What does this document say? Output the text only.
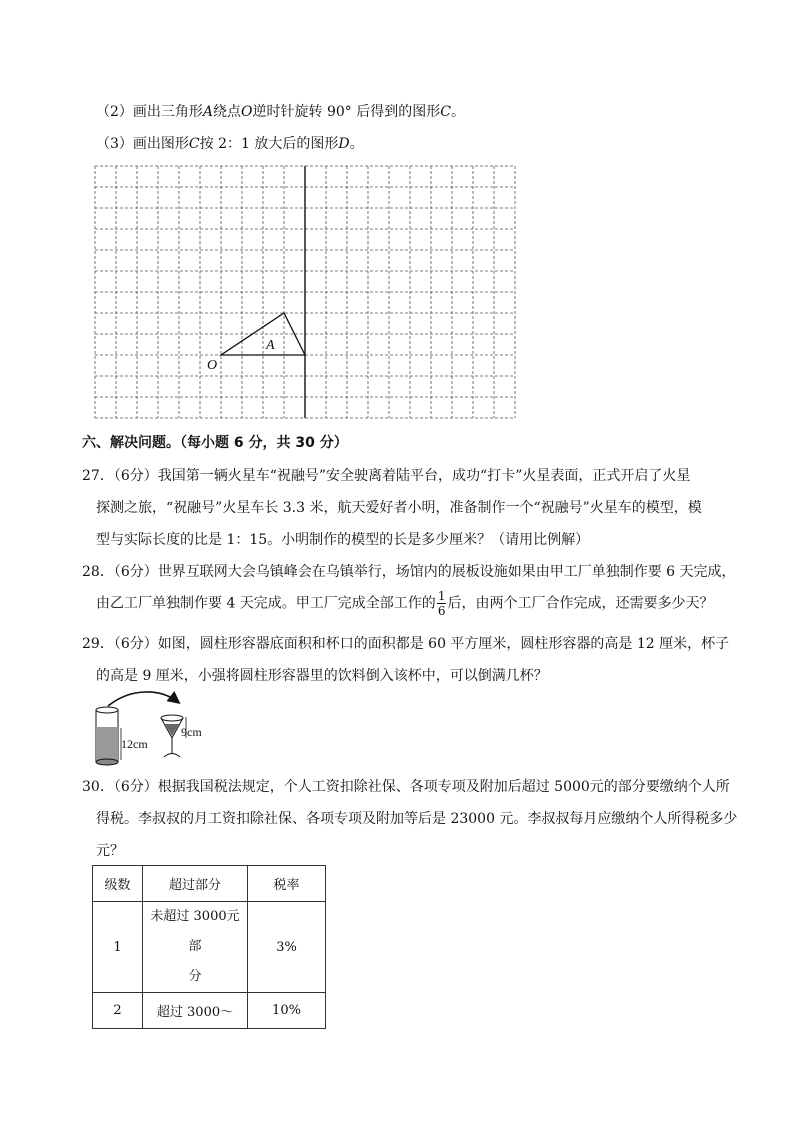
（2）画出三角形A绕点O逆时针旋转 90° 后得到的图形C。
（3）画出图形C按 2：1 放大后的图形D。
O
A
六、解决问题。（每小题 6 分，共 30 分）
27．（6分）我国第一辆火星车“祝融号”安全驶离着陆平台，成功“打卡”火星表面，正式开启了火星
探测之旅，“祝融号”火星车长 3.3 米，航天爱好者小明，准备制作一个“祝融号”火星车的模型，模
型与实际长度的比是 1：15。小明制作的模型的长是多少厘米？（请用比例解）
28．（6分）世界互联网大会乌镇峰会在乌镇举行，场馆内的展板设施如果由甲工厂单独制作要 6 天完成，
由乙工厂单独制作要 4 天完成。甲工厂完成全部工作的 $\frac{1}{6}$ 后，由两个工厂合作完成，还需要多少天？
29．（6分）如图，圆柱形容器底面积和杯口的面积都是 60 平方厘米，圆柱形容器的高是 12 厘米，杯子
的高是 9 厘米，小强将圆柱形容器里的饮料倒入该杯中，可以倒满几杯？
12cm
9cm
30．（6分）根据我国税法规定，个人工资扣除社保、各项专项及附加后超过 5000元的部分要缴纳个人所
得税。李叔叔的月工资扣除社保、各项专项及附加等后是 23000 元。李叔叔每月应缴纳个人所得税多少
元？
级数	超过部分	税率
1	未超过 3000元部
分	3%
2	超过 3000～	10%
